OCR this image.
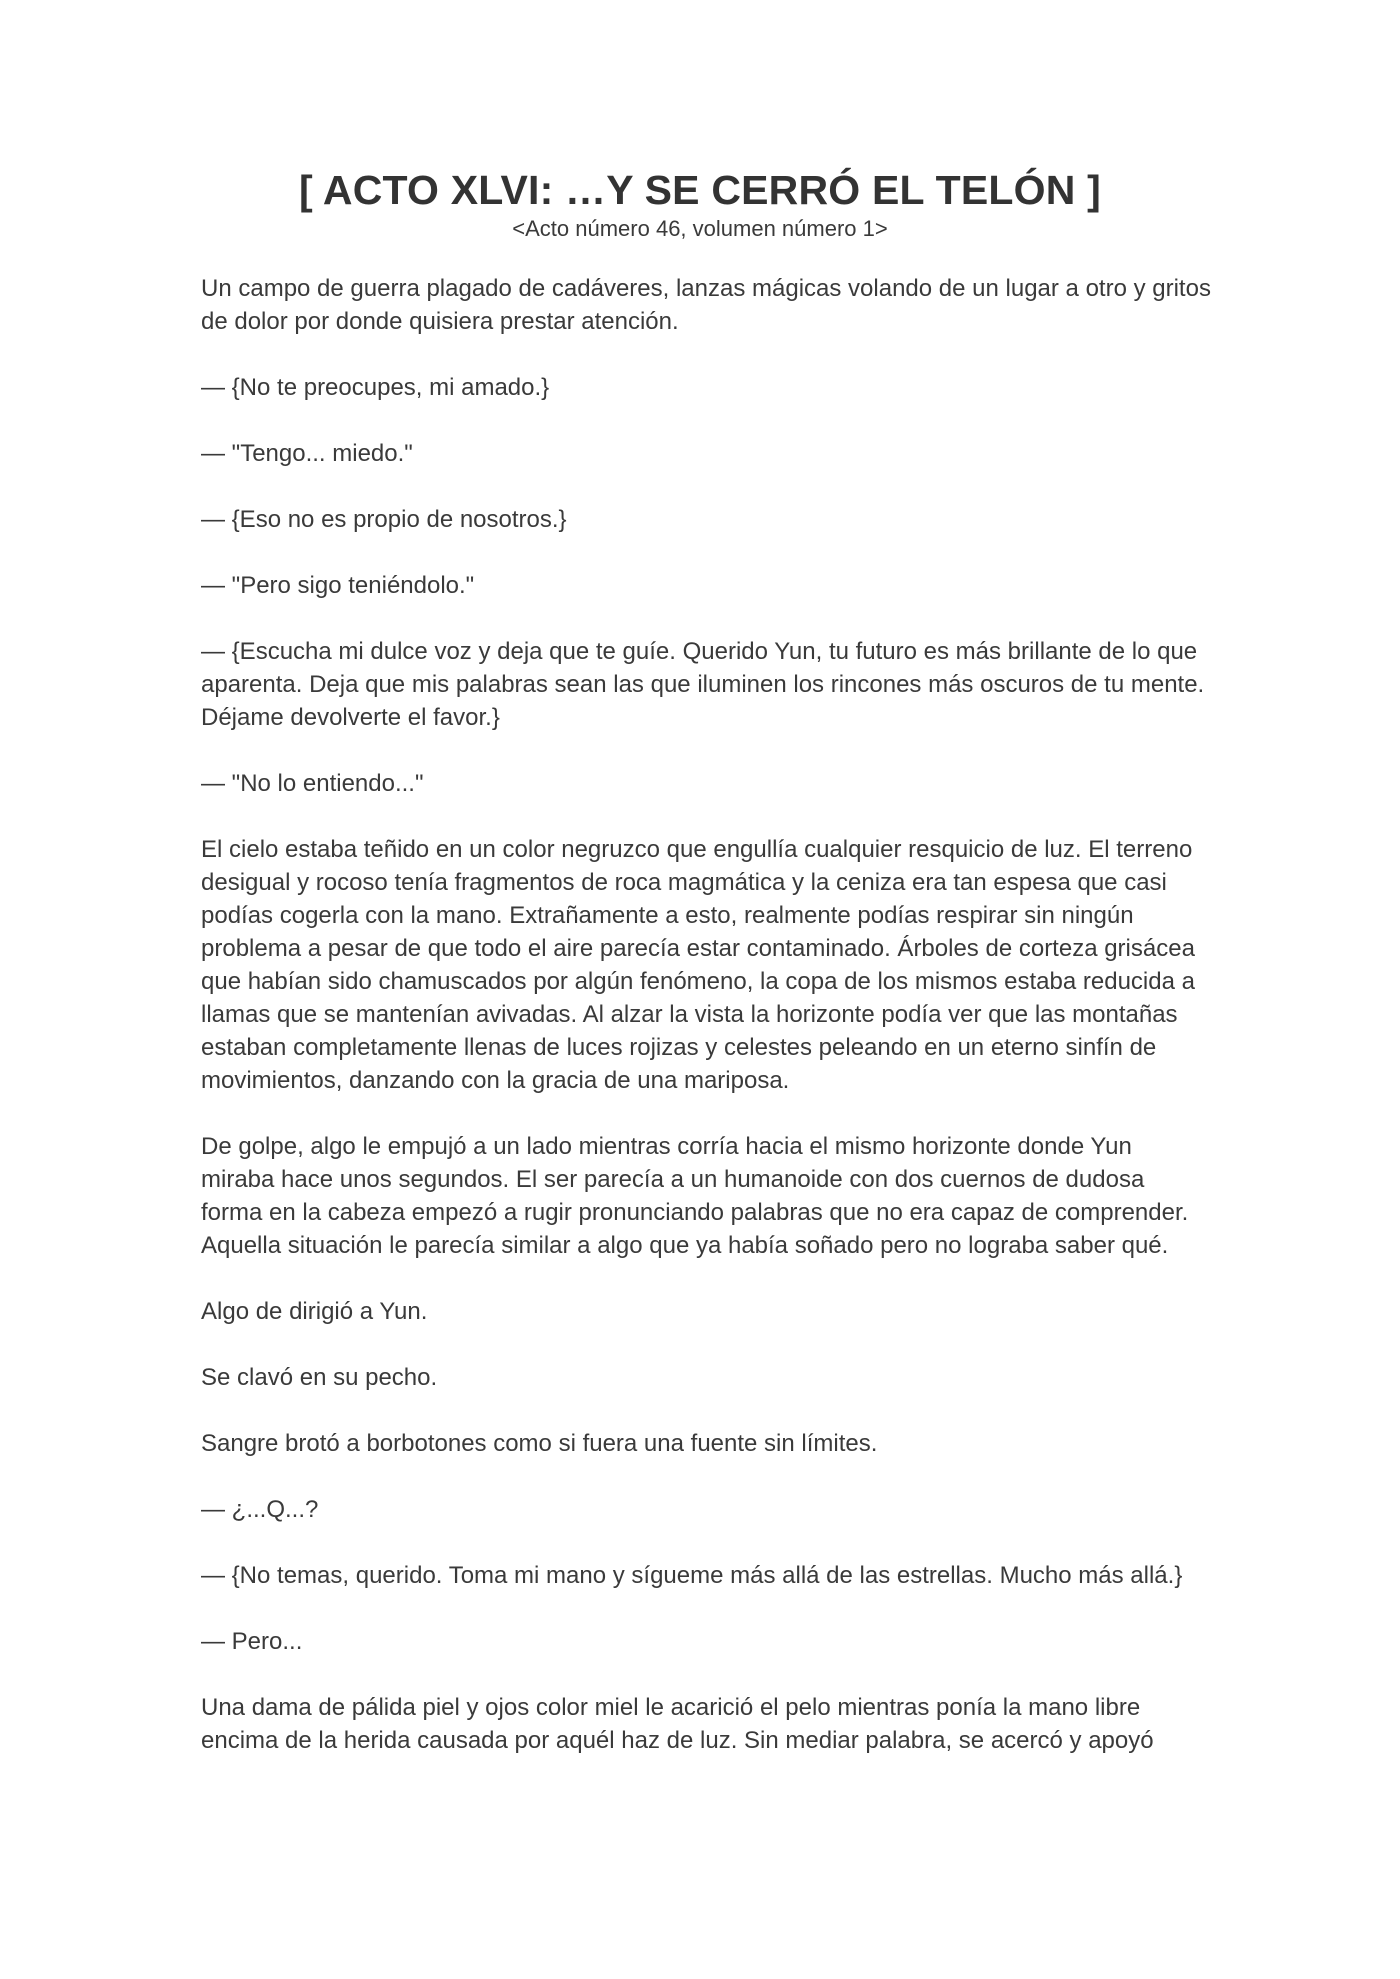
[ ACTO XLVI: …Y SE CERRÓ EL TELÓN ]

<Acto número 46, volumen número 1>

Un campo de guerra plagado de cadáveres, lanzas mágicas volando de un lugar a otro y gritos de dolor por donde quisiera prestar atención.

— {No te preocupes, mi amado.}

— "Tengo... miedo."

— {Eso no es propio de nosotros.}

— "Pero sigo teniéndolo."

— {Escucha mi dulce voz y deja que te guíe. Querido Yun, tu futuro es más brillante de lo que aparenta. Deja que mis palabras sean las que iluminen los rincones más oscuros de tu mente. Déjame devolverte el favor.}

— "No lo entiendo..."

El cielo estaba teñido en un color negruzco que engullía cualquier resquicio de luz. El terreno desigual y rocoso tenía fragmentos de roca magmática y la ceniza era tan espesa que casi podías cogerla con la mano. Extrañamente a esto, realmente podías respirar sin ningún problema a pesar de que todo el aire parecía estar contaminado. Árboles de corteza grisácea que habían sido chamuscados por algún fenómeno, la copa de los mismos estaba reducida a llamas que se mantenían avivadas. Al alzar la vista la horizonte podía ver que las montañas estaban completamente llenas de luces rojizas y celestes peleando en un eterno sinfín de movimientos, danzando con la gracia de una mariposa.

De golpe, algo le empujó a un lado mientras corría hacia el mismo horizonte donde Yun miraba hace unos segundos. El ser parecía a un humanoide con dos cuernos de dudosa forma en la cabeza empezó a rugir pronunciando palabras que no era capaz de comprender. Aquella situación le parecía similar a algo que ya había soñado pero no lograba saber qué.

Algo de dirigió a Yun.

Se clavó en su pecho.

Sangre brotó a borbotones como si fuera una fuente sin límites.

— ¿...Q...?

— {No temas, querido. Toma mi mano y sígueme más allá de las estrellas. Mucho más allá.}

— Pero...

Una dama de pálida piel y ojos color miel le acarició el pelo mientras ponía la mano libre encima de la herida causada por aquél haz de luz. Sin mediar palabra, se acercó y apoyó
